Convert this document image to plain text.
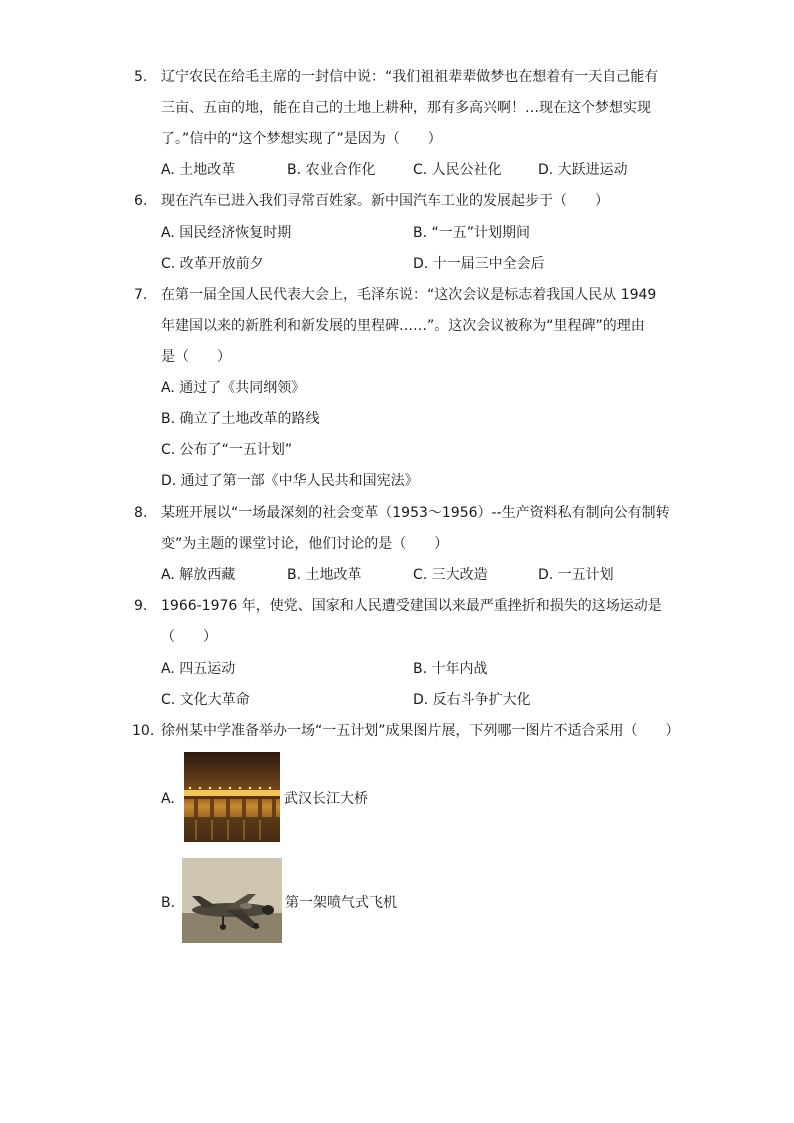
5. 辽宁农民在给毛主席的一封信中说：“我们祖祖辈辈做梦也在想着有一天自己能有
三亩、五亩的地，能在自己的土地上耕种，那有多高兴啊！…现在这个梦想实现
了。”信中的“这个梦想实现了”是因为（　　）
A. 土地改革	B. 农业合作化	C. 人民公社化	D. 大跃进运动
6. 现在汽车已进入我们寻常百姓家。新中国汽车工业的发展起步于（　　）
A. 国民经济恢复时期	B. “一五”计划期间
C. 改革开放前夕	D. 十一届三中全会后
7. 在第一届全国人民代表大会上，毛泽东说：“这次会议是标志着我国人民从 1949
年建国以来的新胜利和新发展的里程碑……”。这次会议被称为“里程碑”的理由
是（　　）
A. 通过了《共同纲领》
B. 确立了土地改革的路线
C. 公布了“一五计划”
D. 通过了第一部《中华人民共和国宪法》
8. 某班开展以“一场最深刻的社会变革（1953～1956）--生产资料私有制向公有制转
变”为主题的课堂讨论，他们讨论的是（　　）
A. 解放西藏	B. 土地改革	C. 三大改造	D. 一五计划
9. 1966-1976 年，使党、国家和人民遭受建国以来最严重挫折和损失的这场运动是
（　　）
A. 四五运动	B. 十年内战
C. 文化大革命	D. 反右斗争扩大化
10. 徐州某中学准备举办一场“一五计划”成果图片展，下列哪一图片不适合采用（　　）
A.	武汉长江大桥
B.	第一架喷气式飞机
